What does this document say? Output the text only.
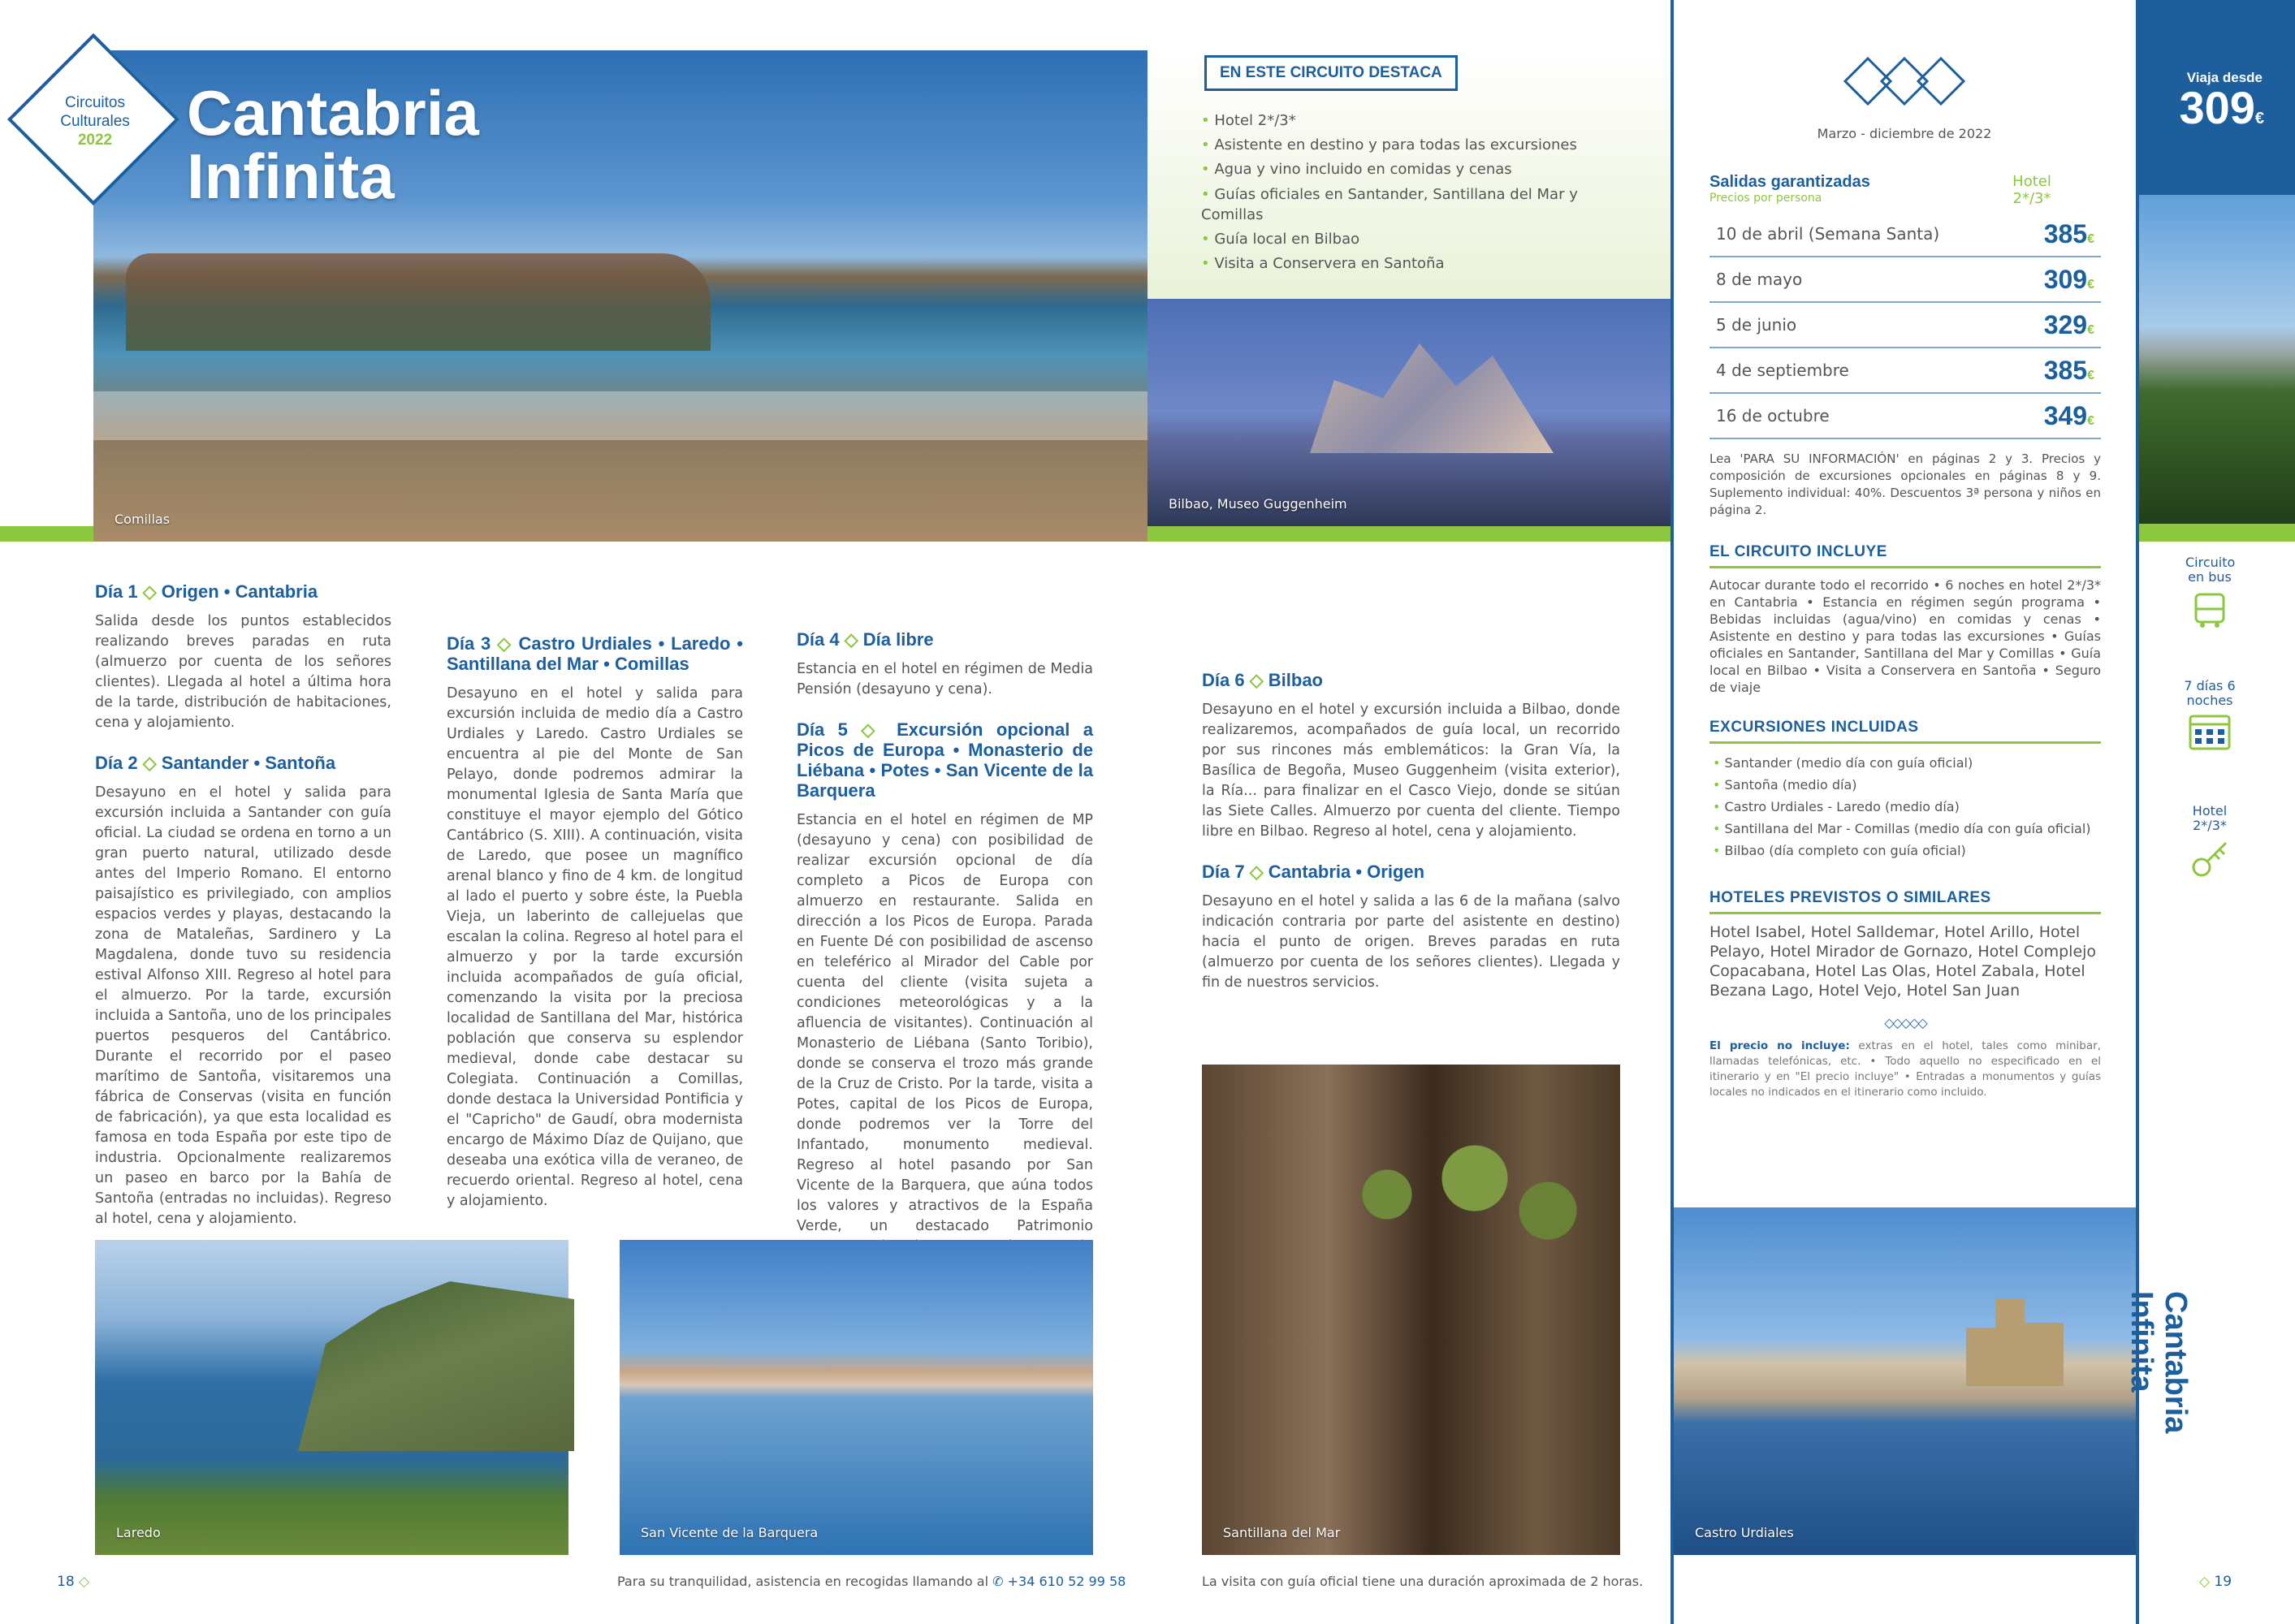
Comillas
Circuitos
Culturales
2022	Cantabria
Infinita
EN ESTE CIRCUITO DESTACA
• Hotel 2*/3*
• Asistente en destino y para todas las excursiones
• Agua y vino incluido en comidas y cenas
• Guías oficiales en Santander, Santillana del Mar y Comillas
• Guía local en Bilbao
• Visita a Conservera en Santoña
Bilbao, Museo Guggenheim
Día 1 ◇ Origen • Cantabria

Salida desde los puntos establecidos realizando breves paradas en ruta (almuerzo por cuenta de los señores clientes). Llegada al hotel a última hora de la tarde, distribución de habitaciones, cena y alojamiento.

Día 2 ◇ Santander • Santoña

Desayuno en el hotel y salida para excursión incluida a Santander con guía oficial. La ciudad se ordena en torno a un gran puerto natural, utilizado desde antes del Imperio Romano. El entorno paisajístico es privilegiado, con amplios espacios verdes y playas, destacando la zona de Mataleñas, Sardinero y La Magdalena, donde tuvo su residencia estival Alfonso XIII. Regreso al hotel para el almuerzo. Por la tarde, excursión incluida a Santoña, uno de los principales puertos pesqueros del Cantábrico. Durante el recorrido por el paseo marítimo de Santoña, visitaremos una fábrica de Conservas (visita en función de fabricación), ya que esta localidad es famosa en toda España por este tipo de industria. Opcionalmente realizaremos un paseo en barco por la Bahía de Santoña (entradas no incluidas). Regreso al hotel, cena y alojamiento.

Día 3 ◇ Castro Urdiales • Laredo • Santillana del Mar • Comillas

Desayuno en el hotel y salida para excursión incluida de medio día a Castro Urdiales y Laredo. Castro Urdiales se encuentra al pie del Monte de San Pelayo, donde podremos admirar la monumental Iglesia de Santa María que constituye el mayor ejemplo del Gótico Cantábrico (S. XIII). A continuación, visita de Laredo, que posee un magnífico arenal blanco y fino de 4 km. de longitud al lado el puerto y sobre éste, la Puebla Vieja, un laberinto de callejuelas que escalan la colina. Regreso al hotel para el almuerzo y por la tarde excursión incluida acompañados de guía oficial, comenzando la visita por la preciosa localidad de Santillana del Mar, histórica población que conserva su esplendor medieval, donde cabe destacar su Colegiata. Continuación a Comillas, donde destaca la Universidad Pontificia y el "Capricho" de Gaudí, obra modernista encargo de Máximo Díaz de Quijano, que deseaba una exótica villa de veraneo, de recuerdo oriental. Regreso al hotel, cena y alojamiento.

Día 4 ◇ Día libre

Estancia en el hotel en régimen de Media Pensión (desayuno y cena).

Día 5 ◇ Excursión opcional a Picos de Europa • Monasterio de Liébana • Potes • San Vicente de la Barquera

Estancia en el hotel en régimen de MP (desayuno y cena) con posibilidad de realizar excursión opcional de día completo a Picos de Europa con almuerzo en restaurante. Salida en dirección a los Picos de Europa. Parada en Fuente Dé con posibilidad de ascenso en teleférico al Mirador del Cable por cuenta del cliente (visita sujeta a condiciones meteorológicas y a la afluencia de visitantes). Continuación al Monasterio de Liébana (Santo Toribio), donde se conserva el trozo más grande de la Cruz de Cristo. Por la tarde, visita a Potes, capital de los Picos de Europa, donde podremos ver la Torre del Infantado, monumento medieval. Regreso al hotel pasando por San Vicente de la Barquera, que aúna todos los valores y atractivos de la España Verde, un destacado Patrimonio

Día 6 ◇ Bilbao

Desayuno en el hotel y excursión incluida a Bilbao, donde realizaremos, acompañados de guía local, un recorrido por sus rincones más emblemáticos: la Gran Vía, la Basílica de Begoña, Museo Guggenheim (visita exterior), la Ría... para finalizar en el Casco Viejo, donde se sitúan las Siete Calles. Almuerzo por cuenta del cliente. Tiempo libre en Bilbao. Regreso al hotel, cena y alojamiento.

Día 7 ◇ Cantabria • Origen

Desayuno en el hotel y salida a las 6 de la mañana (salvo indicación contraria por parte del asistente en destino) hacia el punto de origen. Breves paradas en ruta (almuerzo por cuenta de los señores clientes). Llegada y fin de nuestros servicios.

Laredo	San Vicente de la Barquera	Santillana del Mar
18 ◇	Para su tranquilidad, asistencia en recogidas llamando al ✆ +34 610 52 99 58	La visita con guía oficial tiene una duración aproximada de 2 horas.
Marzo - diciembre de 2022
Salidas garantizadas
Precios por persona
Hotel 2*/3*
10 de abril (Semana Santa)	385€
8 de mayo	309€
5 de junio	329€
4 de septiembre	385€
16 de octubre	349€

Lea 'PARA SU INFORMACIÓN' en páginas 2 y 3. Precios y composición de excursiones opcionales en páginas 8 y 9. Suplemento individual: 40%. Descuentos 3ª persona y niños en página 2.

EL CIRCUITO INCLUYE

Autocar durante todo el recorrido • 6 noches en hotel 2*/3* en Cantabria • Estancia en régimen según programa • Bebidas incluidas (agua/vino) en comidas y cenas • Asistente en destino y para todas las excursiones • Guías oficiales en Santander, Santillana del Mar y Comillas • Guía local en Bilbao • Visita a Conservera en Santoña • Seguro de viaje

EXCURSIONES INCLUIDAS
• Santander (medio día con guía oficial)
• Santoña (medio día)
• Castro Urdiales - Laredo (medio día)
• Santillana del Mar - Comillas (medio día con guía oficial)
• Bilbao (día completo con guía oficial)
HOTELES PREVISTOS O SIMILARES

Hotel Isabel, Hotel Salldemar, Hotel Arillo, Hotel Pelayo, Hotel Mirador de Gornazo, Hotel Complejo Copacabana, Hotel Las Olas, Hotel Zabala, Hotel Bezana Lago, Hotel Vejo, Hotel San Juan

◇◇◇◇◇

El precio no incluye: extras en el hotel, tales como minibar, llamadas telefónicas, etc. • Todo aquello no especificado en el itinerario y en "El precio incluye" • Entradas a monumentos y guías locales no indicados en el itinerario como incluido.

Castro Urdiales
Viaja desde
309€
Circuito en bus
7 días 6 noches
Hotel 2*/3*
Cantabria Infinita
◇ 19
